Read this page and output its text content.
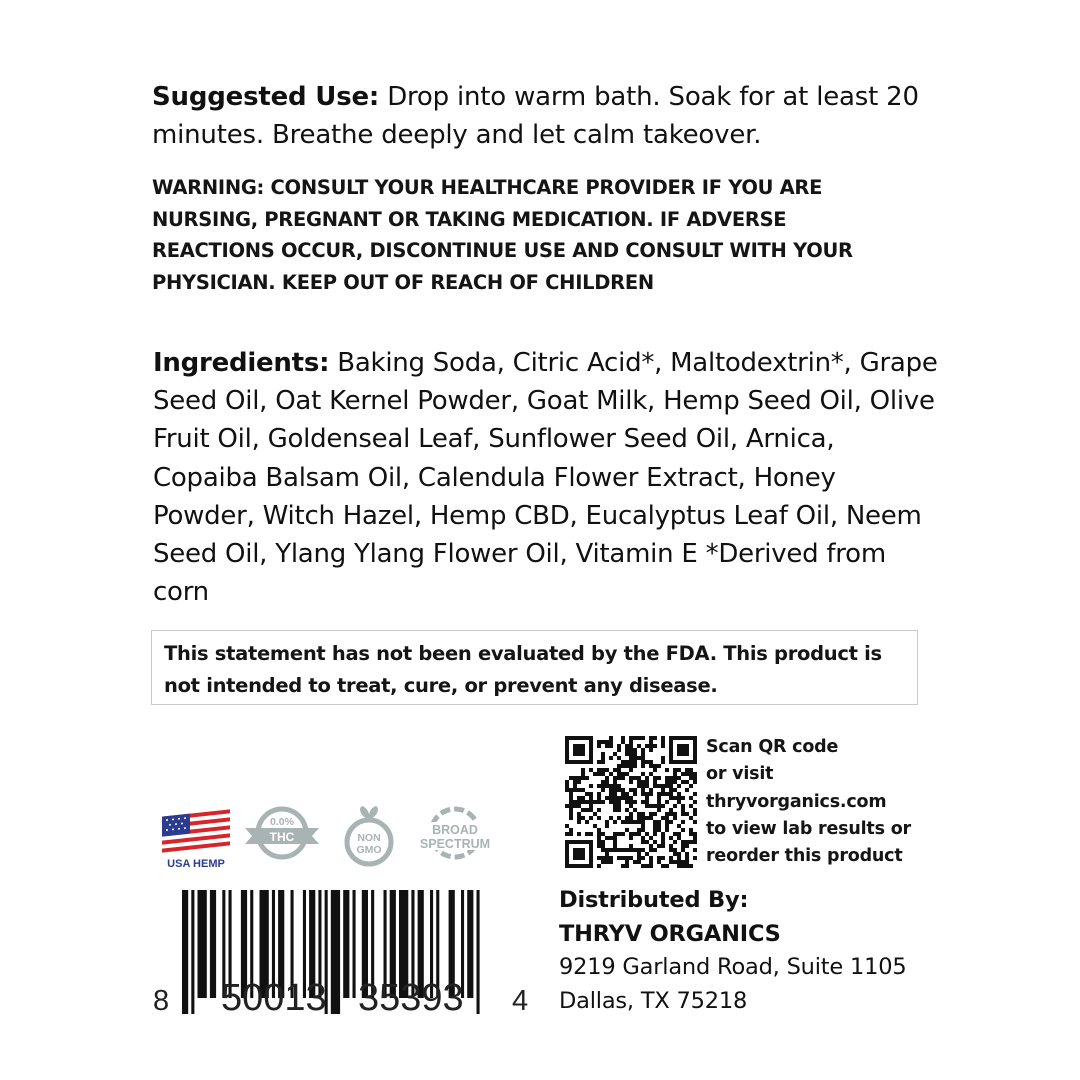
Suggested Use: Drop into warm bath. Soak for at least 20 minutes. Breathe deeply and let calm takeover.
WARNING: CONSULT YOUR HEALTHCARE PROVIDER IF YOU ARE NURSING, PREGNANT OR TAKING MEDICATION. IF ADVERSE REACTIONS OCCUR, DISCONTINUE USE AND CONSULT WITH YOUR PHYSICIAN. KEEP OUT OF REACH OF CHILDREN
Ingredients: Baking Soda, Citric Acid*, Maltodextrin*, Grape Seed Oil, Oat Kernel Powder, Goat Milk, Hemp Seed Oil, Olive Fruit Oil, Goldenseal Leaf, Sunflower Seed Oil, Arnica, Copaiba Balsam Oil, Calendula Flower Extract, Honey Powder, Witch Hazel, Hemp CBD, Eucalyptus Leaf Oil, Neem Seed Oil, Ylang Ylang Flower Oil, Vitamin E *Derived from corn
This statement has not been evaluated by the FDA. This product is not intended to treat, cure, or prevent any disease.
USA HEMP
0.0%
THC	NON
GMO
BROAD
SPECTRUM
Scan QR code
or visit
thryvorganics.com
to view lab results or
reorder this product
Distributed By:
THRYV ORGANICS
9219 Garland Road, Suite 1105
Dallas, TX 75218
8 50013 35393 4
